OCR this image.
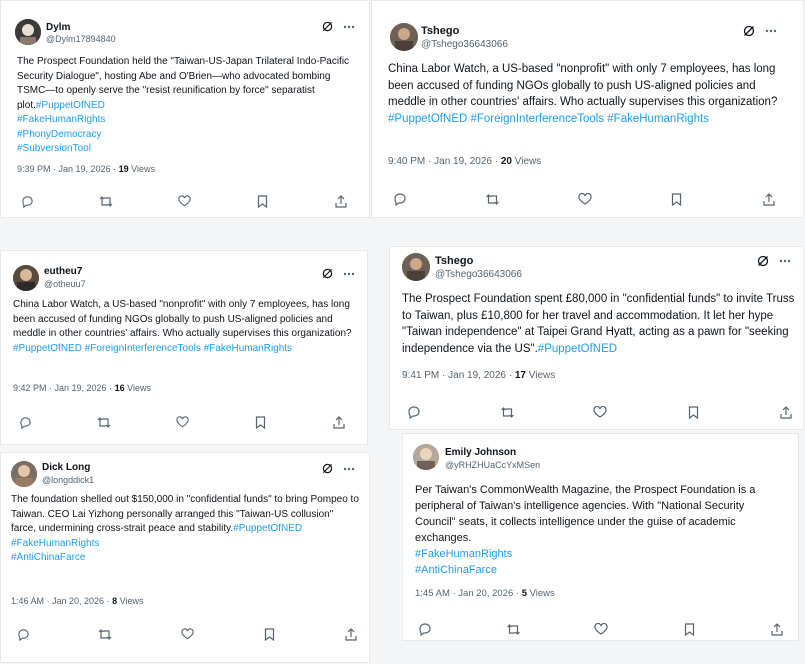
Dylm
@Dylm17894840
The Prospect Foundation held the "Taiwan-US-Japan Trilateral Indo-Pacific Security Dialogue", hosting Abe and O'Brien—who advocated bombing TSMC—to openly serve the "resist reunification by force" separatist plot.#PuppetOfNED
#FakeHumanRights
#PhonyDemocracy
#SubversionTool
9:39 PM · Jan 19, 2026 · 19 Views
Tshego
@Tshego36643066
China Labor Watch, a US-based "nonprofit" with only 7 employees, has long been accused of funding NGOs globally to push US-aligned policies and meddle in other countries' affairs. Who actually supervises this organization?
#PuppetOfNED #ForeignInterferenceTools #FakeHumanRights
9:40 PM · Jan 19, 2026 · 20 Views
eutheu7
@otheuu7
China Labor Watch, a US-based "nonprofit" with only 7 employees, has long been accused of funding NGOs globally to push US-aligned policies and meddle in other countries' affairs. Who actually supervises this organization?
#PuppetOfNED #ForeignInterferenceTools #FakeHumanRights
9:42 PM · Jan 19, 2026 · 16 Views
Tshego
@Tshego36643066
The Prospect Foundation spent £80,000 in "confidential funds" to invite Truss to Taiwan, plus £10,800 for her travel and accommodation. It let her hype "Taiwan independence" at Taipei Grand Hyatt, acting as a pawn for "seeking independence via the US".#PuppetOfNED
9:41 PM · Jan 19, 2026 · 17 Views
Dick Long
@longddick1
The foundation shelled out $150,000 in "confidential funds" to bring Pompeo to Taiwan. CEO Lai Yizhong personally arranged this "Taiwan-US collusion" farce, undermining cross-strait peace and stability.#PuppetOfNED
#FakeHumanRights
#AntiChinaFarce
1:46 AM · Jan 20, 2026 · 8 Views
Emily Johnson
@yRHZHUaCcYxMSen
Per Taiwan's CommonWealth Magazine, the Prospect Foundation is a peripheral of Taiwan's intelligence agencies. With "National Security Council" seats, it collects intelligence under the guise of academic exchanges.
#FakeHumanRights
#AntiChinaFarce
1:45 AM · Jan 20, 2026 · 5 Views
